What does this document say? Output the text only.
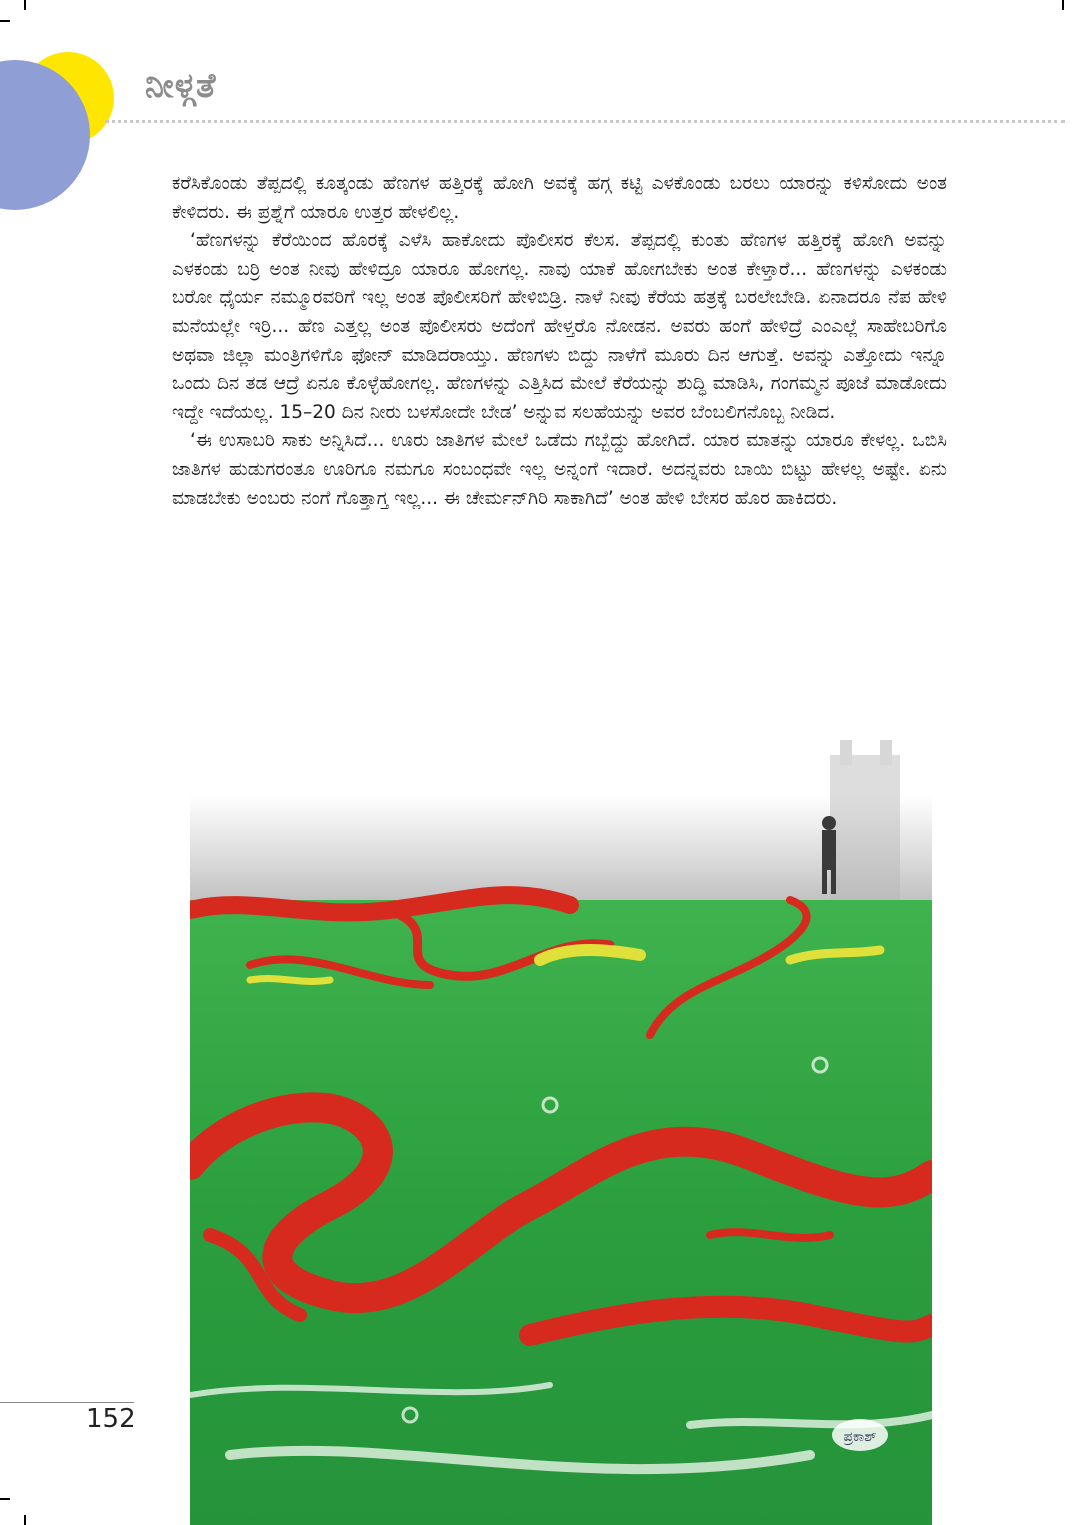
ನೀಳ್ಗತೆ

ಕರೆಸಿಕೊಂಡು ತೆಪ್ಪದಲ್ಲಿ ಕೂತ್ಕಂಡು ಹೆಣಗಳ ಹತ್ತಿರಕ್ಕೆ ಹೋಗಿ ಅವಕ್ಕೆ ಹಗ್ಗ ಕಟ್ಟಿ ಎಳಕೊಂಡು ಬರಲು ಯಾರನ್ನು ಕಳಿಸೋದು ಅಂತ ಕೇಳಿದರು. ಈ ಪ್ರಶ್ನೆಗೆ ಯಾರೂ ಉತ್ತರ ಹೇಳಲಿಲ್ಲ.

‘ಹೆಣಗಳನ್ನು ಕೆರೆಯಿಂದ ಹೊರಕ್ಕೆ ಎಳೆಸಿ ಹಾಕೋದು ಪೊಲೀಸರ ಕೆಲಸ. ತೆಪ್ಪದಲ್ಲಿ ಕುಂತು ಹೆಣಗಳ ಹತ್ತಿರಕ್ಕೆ ಹೋಗಿ ಅವನ್ನು ಎಳಕಂಡು ಬರ್ರಿ ಅಂತ ನೀವು ಹೇಳಿದ್ರೂ ಯಾರೂ ಹೋಗಲ್ಲ. ನಾವು ಯಾಕೆ ಹೋಗಬೇಕು ಅಂತ ಕೇಳ್ತಾರೆ... ಹೆಣಗಳನ್ನು ಎಳಕಂಡು ಬರೋ ಧೈರ್ಯ ನಮ್ಮೂರವರಿಗೆ ಇಲ್ಲ ಅಂತ ಪೊಲೀಸರಿಗೆ ಹೇಳಿಬಿಡ್ರಿ. ನಾಳೆ ನೀವು ಕೆರೆಯ ಹತ್ರಕ್ಕೆ ಬರಲೇಬೇಡಿ. ಏನಾದರೂ ನೆಪ ಹೇಳಿ ಮನೆಯಲ್ಲೇ ಇರ್ರಿ... ಹೆಣ ಎತ್ತಲ್ಲ ಅಂತ ಪೊಲೀಸರು ಅದೆಂಗೆ ಹೇಳ್ತರೊ ನೋಡನ. ಅವರು ಹಂಗೆ ಹೇಳಿದ್ರೆ ಎಂಎಲ್ಲೆ ಸಾಹೇಬರಿಗೊ ಅಥವಾ ಜಿಲ್ಲಾ ಮಂತ್ರಿಗಳಿಗೊ ಫೋನ್ ಮಾಡಿದರಾಯ್ತು. ಹೆಣಗಳು ಬಿದ್ದು ನಾಳೆಗೆ ಮೂರು ದಿನ ಆಗುತ್ತೆ. ಅವನ್ನು ಎತ್ತೋದು ಇನ್ನೂ ಒಂದು ದಿನ ತಡ ಆದ್ರೆ ಏನೂ ಕೊಳ್ಳೆಹೋಗಲ್ಲ. ಹೆಣಗಳನ್ನು ಎತ್ತಿಸಿದ ಮೇಲೆ ಕೆರೆಯನ್ನು ಶುದ್ಧಿ ಮಾಡಿಸಿ, ಗಂಗಮ್ಮನ ಪೂಜೆ ಮಾಡೋದು ಇದ್ದೇ ಇದೆಯಲ್ಲ. 15–20 ದಿನ ನೀರು ಬಳಸೋದೇ ಬೇಡ’ ಅನ್ನುವ ಸಲಹೆಯನ್ನು ಅವರ ಬೆಂಬಲಿಗನೊಬ್ಬ ನೀಡಿದ.

‘ಈ ಉಸಾಬರಿ ಸಾಕು ಅನ್ನಿಸಿದೆ... ಊರು ಜಾತಿಗಳ ಮೇಲೆ ಒಡೆದು ಗಬ್ಬೆದ್ದು ಹೋಗಿದೆ. ಯಾರ ಮಾತನ್ನು ಯಾರೂ ಕೇಳಲ್ಲ. ಒಬಿಸಿ ಜಾತಿಗಳ ಹುಡುಗರಂತೂ ಊರಿಗೂ ನಮಗೂ ಸಂಬಂಧವೇ ಇಲ್ಲ ಅನ್ನಂಗೆ ಇದಾರೆ. ಅದನ್ನವರು ಬಾಯಿ ಬಿಟ್ಟು ಹೇಳಲ್ಲ ಅಷ್ಟೇ. ಏನು ಮಾಡಬೇಕು ಅಂಬರು ನಂಗೆ ಗೊತ್ತಾಗ್ತ ಇಲ್ಲ... ಈ ಚೇರ್ಮನ್‌ಗಿರಿ ಸಾಕಾಗಿದೆ’ ಅಂತ ಹೇಳಿ ಬೇಸರ ಹೊರ ಹಾಕಿದರು.

ಪ್ರಕಾಶ್
152
